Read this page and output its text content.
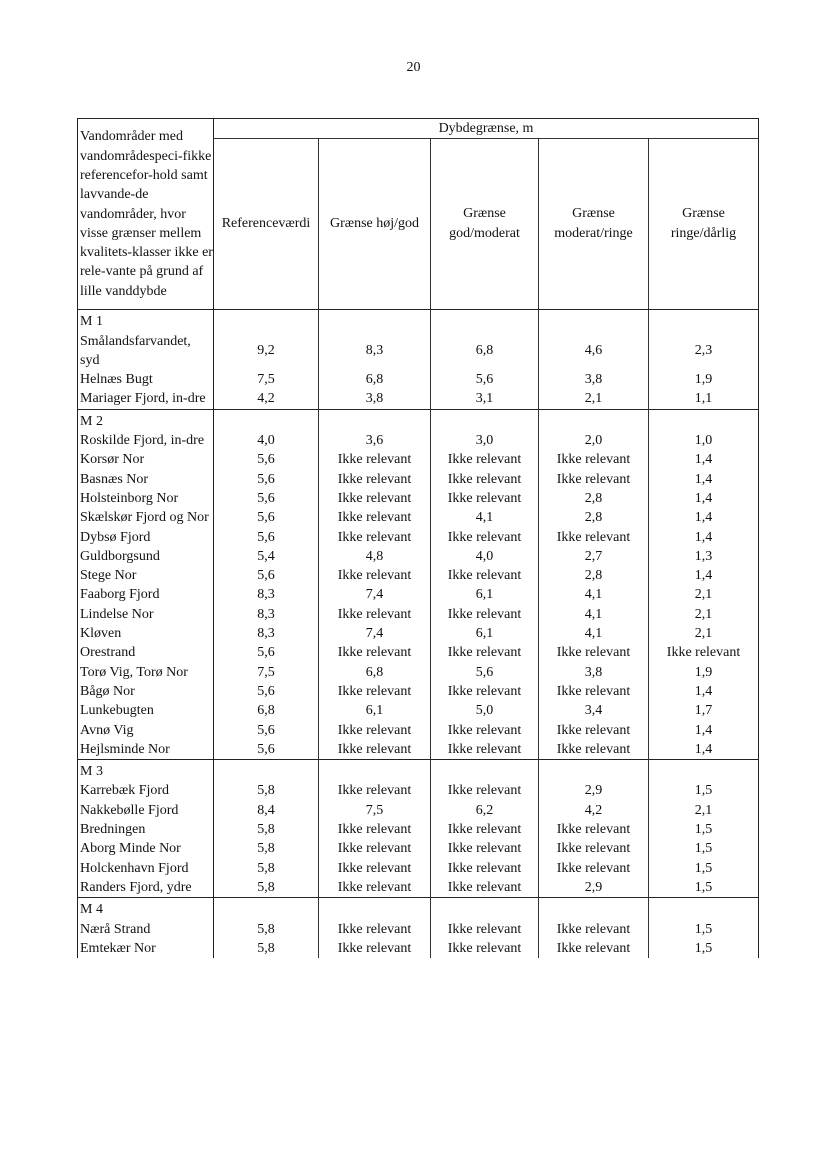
20
Vandområder med vandområdespeci-fikke referencefor-hold samt lavvande-de vandområder, hvor visse grænser mellem kvalitets-klasser ikke er rele-vante på grund af lille vanddybde	Dybdegrænse, m				
	Referenceværdi	Grænse høj/god	Grænse god/moderat	Grænse moderat/ringe	Grænse ringe/dårlig
M 1					
Smålandsfarvandet, syd	9,2	8,3	6,8	4,6	2,3
Helnæs Bugt	7,5	6,8	5,6	3,8	1,9
Mariager Fjord, in-dre	4,2	3,8	3,1	2,1	1,1
M 2					
Roskilde Fjord, in-dre	4,0	3,6	3,0	2,0	1,0
Korsør Nor	5,6	Ikke relevant	Ikke relevant	Ikke relevant	1,4
Basnæs Nor	5,6	Ikke relevant	Ikke relevant	Ikke relevant	1,4
Holsteinborg Nor	5,6	Ikke relevant	Ikke relevant	2,8	1,4
Skælskør Fjord og Nor	5,6	Ikke relevant	4,1	2,8	1,4
Dybsø Fjord	5,6	Ikke relevant	Ikke relevant	Ikke relevant	1,4
Guldborgsund	5,4	4,8	4,0	2,7	1,3
Stege Nor	5,6	Ikke relevant	Ikke relevant	2,8	1,4
Faaborg Fjord	8,3	7,4	6,1	4,1	2,1
Lindelse Nor	8,3	Ikke relevant	Ikke relevant	4,1	2,1
Kløven	8,3	7,4	6,1	4,1	2,1
Orestrand	5,6	Ikke relevant	Ikke relevant	Ikke relevant	Ikke relevant
Torø Vig, Torø Nor	7,5	6,8	5,6	3,8	1,9
Bågø Nor	5,6	Ikke relevant	Ikke relevant	Ikke relevant	1,4
Lunkebugten	6,8	6,1	5,0	3,4	1,7
Avnø Vig	5,6	Ikke relevant	Ikke relevant	Ikke relevant	1,4
Hejlsminde Nor	5,6	Ikke relevant	Ikke relevant	Ikke relevant	1,4
M 3					
Karrebæk Fjord	5,8	Ikke relevant	Ikke relevant	2,9	1,5
Nakkebølle Fjord	8,4	7,5	6,2	4,2	2,1
Bredningen	5,8	Ikke relevant	Ikke relevant	Ikke relevant	1,5
Aborg Minde Nor	5,8	Ikke relevant	Ikke relevant	Ikke relevant	1,5
Holckenhavn Fjord	5,8	Ikke relevant	Ikke relevant	Ikke relevant	1,5
Randers Fjord, ydre	5,8	Ikke relevant	Ikke relevant	2,9	1,5
M 4					
Nærå Strand	5,8	Ikke relevant	Ikke relevant	Ikke relevant	1,5
Emtekær Nor	5,8	Ikke relevant	Ikke relevant	Ikke relevant	1,5
